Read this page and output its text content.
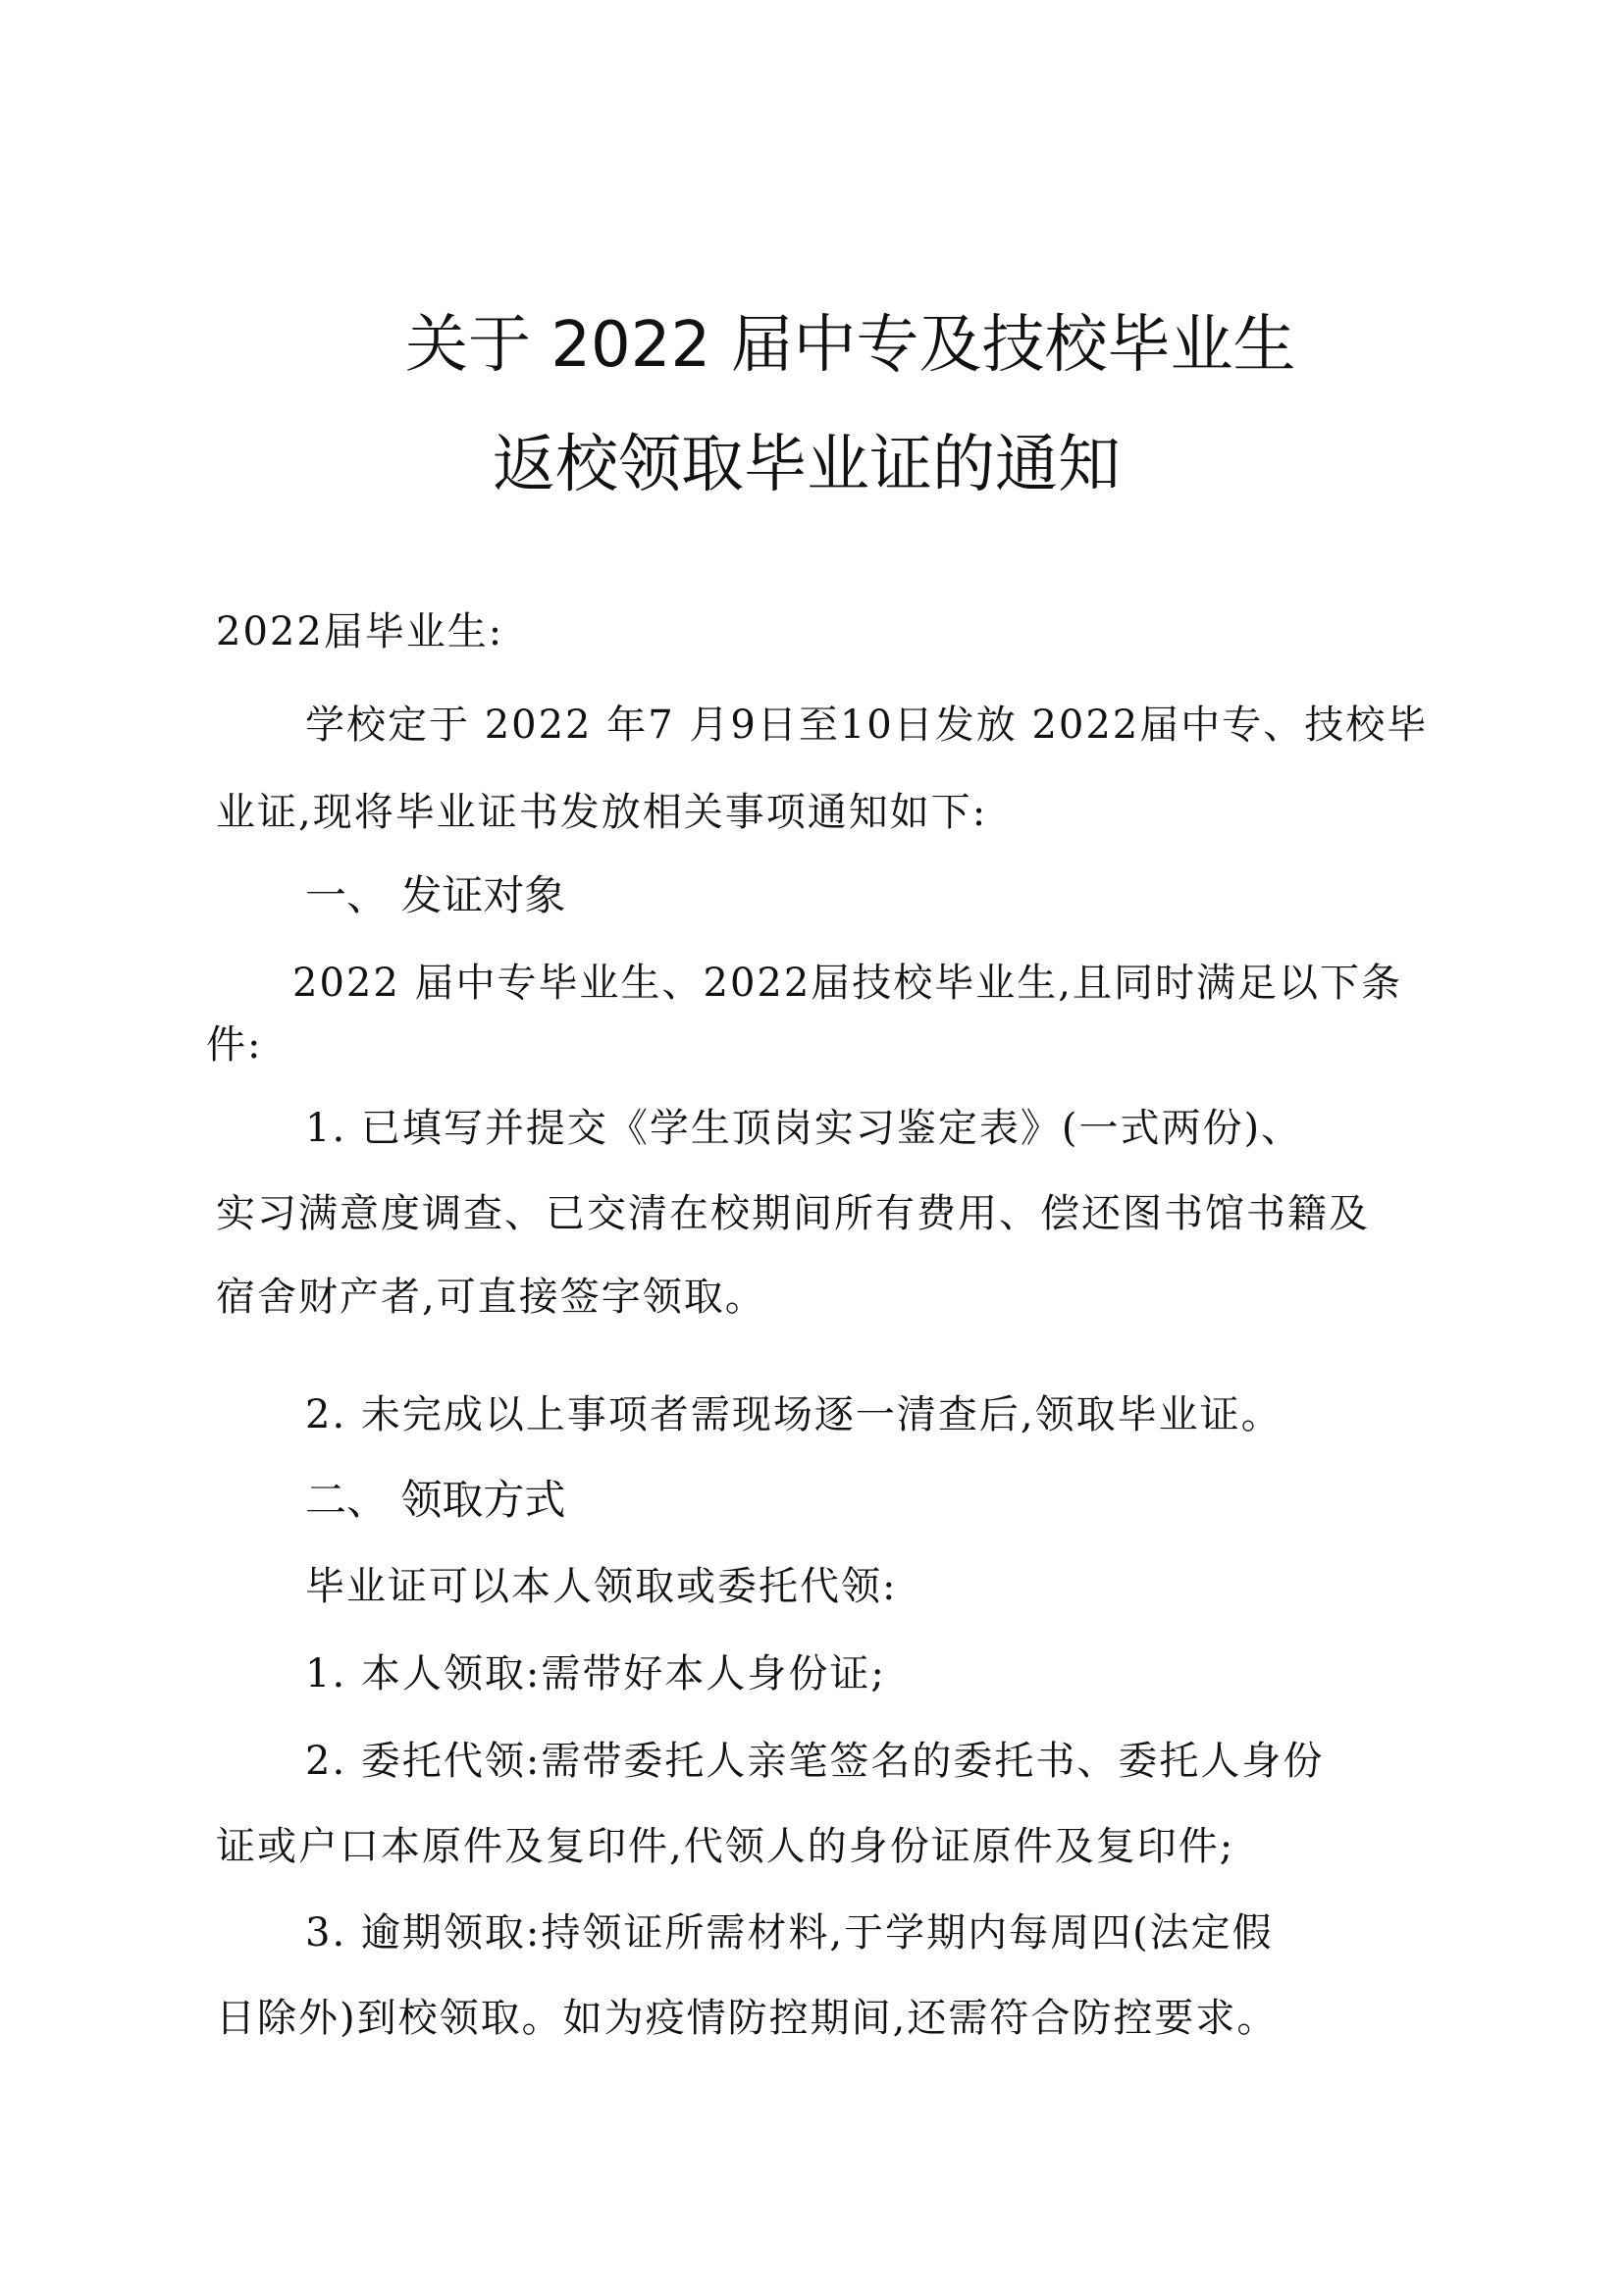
关于 2022 届中专及技校毕业生
返校领取毕业证的通知
2022届毕业生:
学校定于 2022 年7 月9日至10日发放 2022届中专、技校毕
业证,现将毕业证书发放相关事项通知如下:
一、 发证对象
2022 届中专毕业生、2022届技校毕业生,且同时满足以下条
件:
1. 已填写并提交《学生顶岗实习鉴定表》(一式两份)、
实习满意度调查、已交清在校期间所有费用、偿还图书馆书籍及
宿舍财产者,可直接签字领取。
2. 未完成以上事项者需现场逐一清查后,领取毕业证。
二、 领取方式
毕业证可以本人领取或委托代领:
1. 本人领取:需带好本人身份证;
2. 委托代领:需带委托人亲笔签名的委托书、委托人身份
证或户口本原件及复印件,代领人的身份证原件及复印件;
3. 逾期领取:持领证所需材料,于学期内每周四(法定假
日除外)到校领取。如为疫情防控期间,还需符合防控要求。
